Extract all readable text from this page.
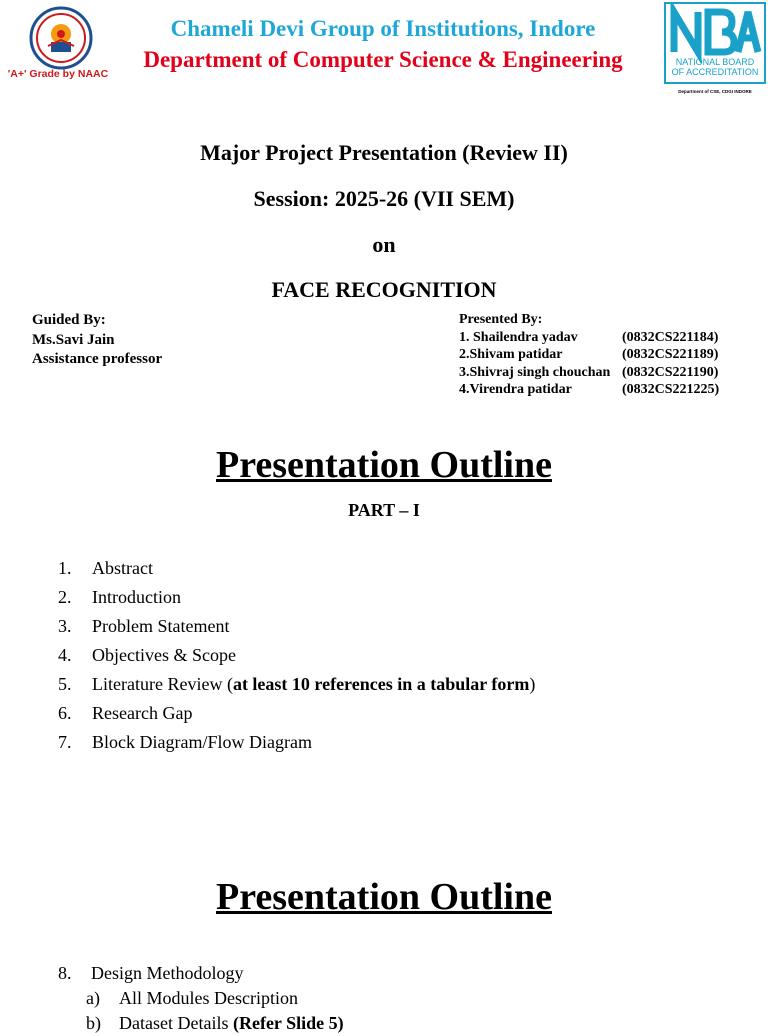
'A+' Grade by NAAC
Chameli Devi Group of Institutions, Indore
Department of Computer Science & Engineering	NATIONAL BOARD
OF ACCREDITATION
Department of CSE, CDGI INDORE
Major Project Presentation (Review II)
Session: 2025-26 (VII SEM)
on
FACE RECOGNITION
Guided By:
Ms.Savi Jain
Assistance professor
Presented By:
1. Shailendra yadav	(0832CS221184)
2.Shivam patidar	(0832CS221189)
3.Shivraj singh chouchan (0832CS221190)
4.Virendra patidar	(0832CS221225)
Presentation Outline
PART – I
1.	Abstract
2.	Introduction
3.	Problem Statement
4.	Objectives & Scope
5.	Literature Review (at least 10 references in a tabular form)
6.	Research Gap
7.	Block Diagram/Flow Diagram
Presentation Outline
8.	Design Methodology
a)	All Modules Description
b) Dataset Details (Refer Slide 5)
